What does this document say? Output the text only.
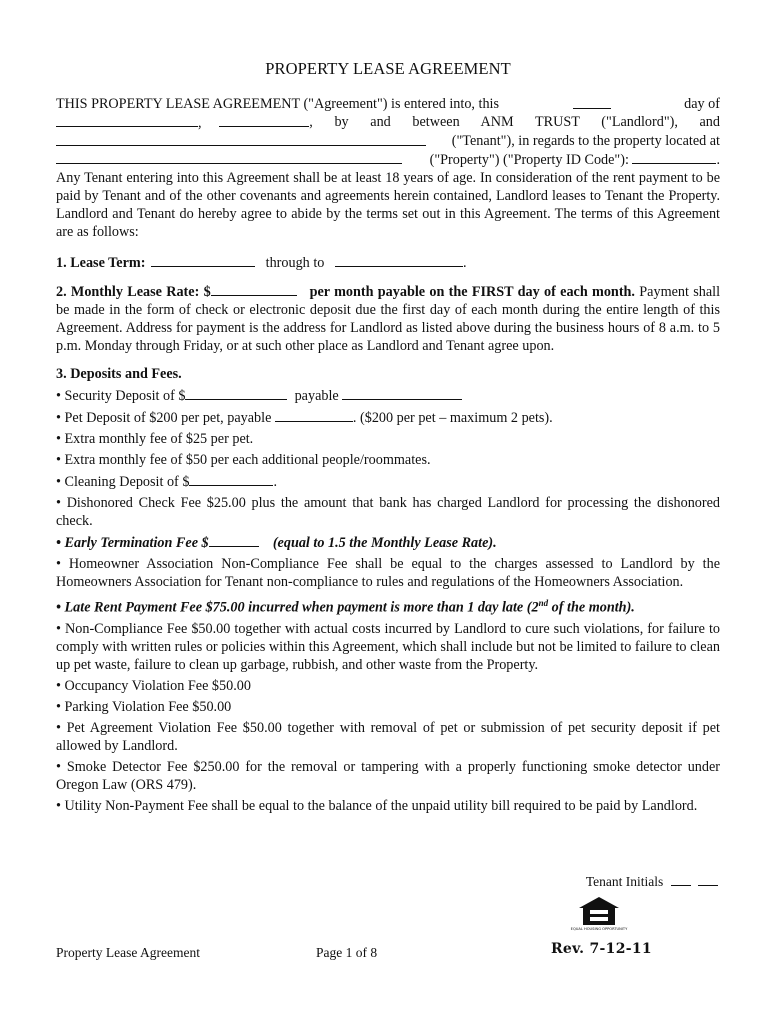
PROPERTY LEASE AGREEMENT
THIS PROPERTY LEASE AGREEMENT ("Agreement") is entered into, this	day of
,	, by and between ANM TRUST ("Landlord"), and
("Tenant"), in regards to the property located at
("Property") ("Property ID Code"):	.

Any Tenant entering into this Agreement shall be at least 18 years of age. In consideration of the rent payment to be paid by Tenant and of the other covenants and agreements herein contained, Landlord leases to Tenant the Property. Landlord and Tenant do hereby agree to abide by the terms set out in this Agreement. The terms of this Agreement are as follows:

1. Lease Term:	through to	.

2. Monthly Lease Rate: $	per month payable on the FIRST day of each month. Payment shall be made in the form of check or electronic deposit due the first day of each month during the entire length of this Agreement. Address for payment is the address for Landlord as listed above during the business hours of 8 a.m. to 5 p.m. Monday through Friday, or at such other place as Landlord and Tenant agree upon.

3. Deposits and Fees.

• Security Deposit of $	payable

• Pet Deposit of $200 per pet, payable	. ($200 per pet – maximum 2 pets).

• Extra monthly fee of $25 per pet.

• Extra monthly fee of $50 per each additional people/roommates.

• Cleaning Deposit of $	.

• Dishonored Check Fee $25.00 plus the amount that bank has charged Landlord for processing the dishonored check.

• Early Termination Fee $	(equal to 1.5 the Monthly Lease Rate).

• Homeowner Association Non-Compliance Fee shall be equal to the charges assessed to Landlord by the Homeowners Association for Tenant non-compliance to rules and regulations of the Homeowners Association.

• Late Rent Payment Fee $75.00 incurred when payment is more than 1 day late (2nd of the month).

• Non-Compliance Fee $50.00 together with actual costs incurred by Landlord to cure such violations, for failure to comply with written rules or policies within this Agreement, which shall include but not be limited to failure to clean up pet waste, failure to clean up garbage, rubbish, and other waste from the Property.

• Occupancy Violation Fee $50.00

• Parking Violation Fee $50.00

• Pet Agreement Violation Fee $50.00 together with removal of pet or submission of pet security deposit if pet allowed by Landlord.

• Smoke Detector Fee $250.00 for the removal or tampering with a properly functioning smoke detector under Oregon Law (ORS 479).

• Utility Non-Payment Fee shall be equal to the balance of the unpaid utility bill required to be paid by Landlord.

Tenant Initials
EQUAL HOUSING OPPORTUNITY
Property Lease Agreement	Page 1 of 8	Rev. 7-12-11
